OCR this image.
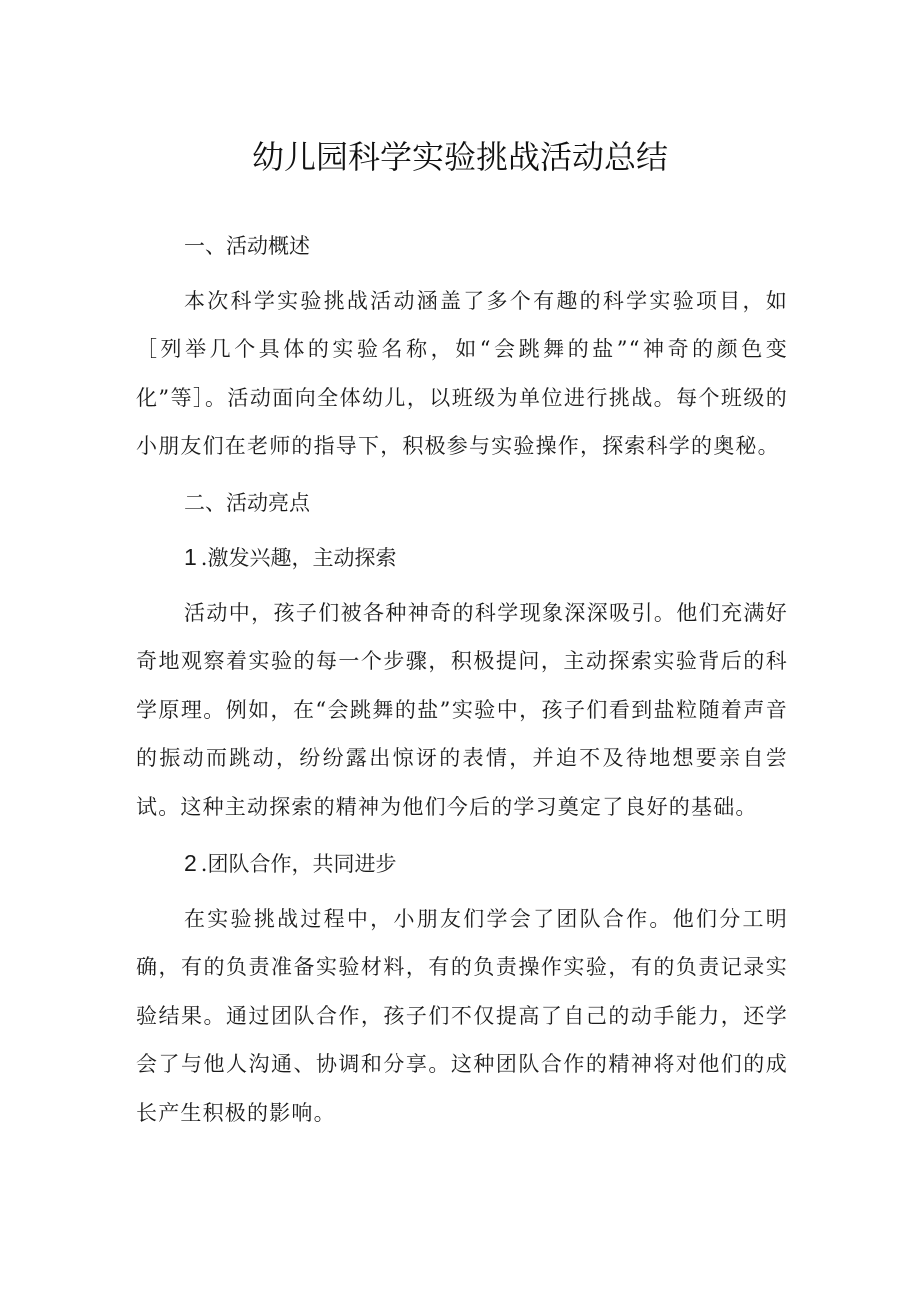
幼儿园科学实验挑战活动总结

一、活动概述

本次科学实验挑战活动涵盖了多个有趣的科学实验项目，如［列举几个具体的实验名称，如“会跳舞的盐”“神奇的颜色变化”等］。活动面向全体幼儿，以班级为单位进行挑战。每个班级的小朋友们在老师的指导下，积极参与实验操作，探索科学的奥秘。

二、活动亮点

1 .激发兴趣，主动探索

活动中，孩子们被各种神奇的科学现象深深吸引。他们充满好奇地观察着实验的每一个步骤，积极提问，主动探索实验背后的科学原理。例如，在“会跳舞的盐”实验中，孩子们看到盐粒随着声音的振动而跳动，纷纷露出惊讶的表情，并迫不及待地想要亲自尝试。这种主动探索的精神为他们今后的学习奠定了良好的基础。

2 .团队合作，共同进步

在实验挑战过程中，小朋友们学会了团队合作。他们分工明确，有的负责准备实验材料，有的负责操作实验，有的负责记录实验结果。通过团队合作，孩子们不仅提高了自己的动手能力，还学会了与他人沟通、协调和分享。这种团队合作的精神将对他们的成长产生积极的影响。
